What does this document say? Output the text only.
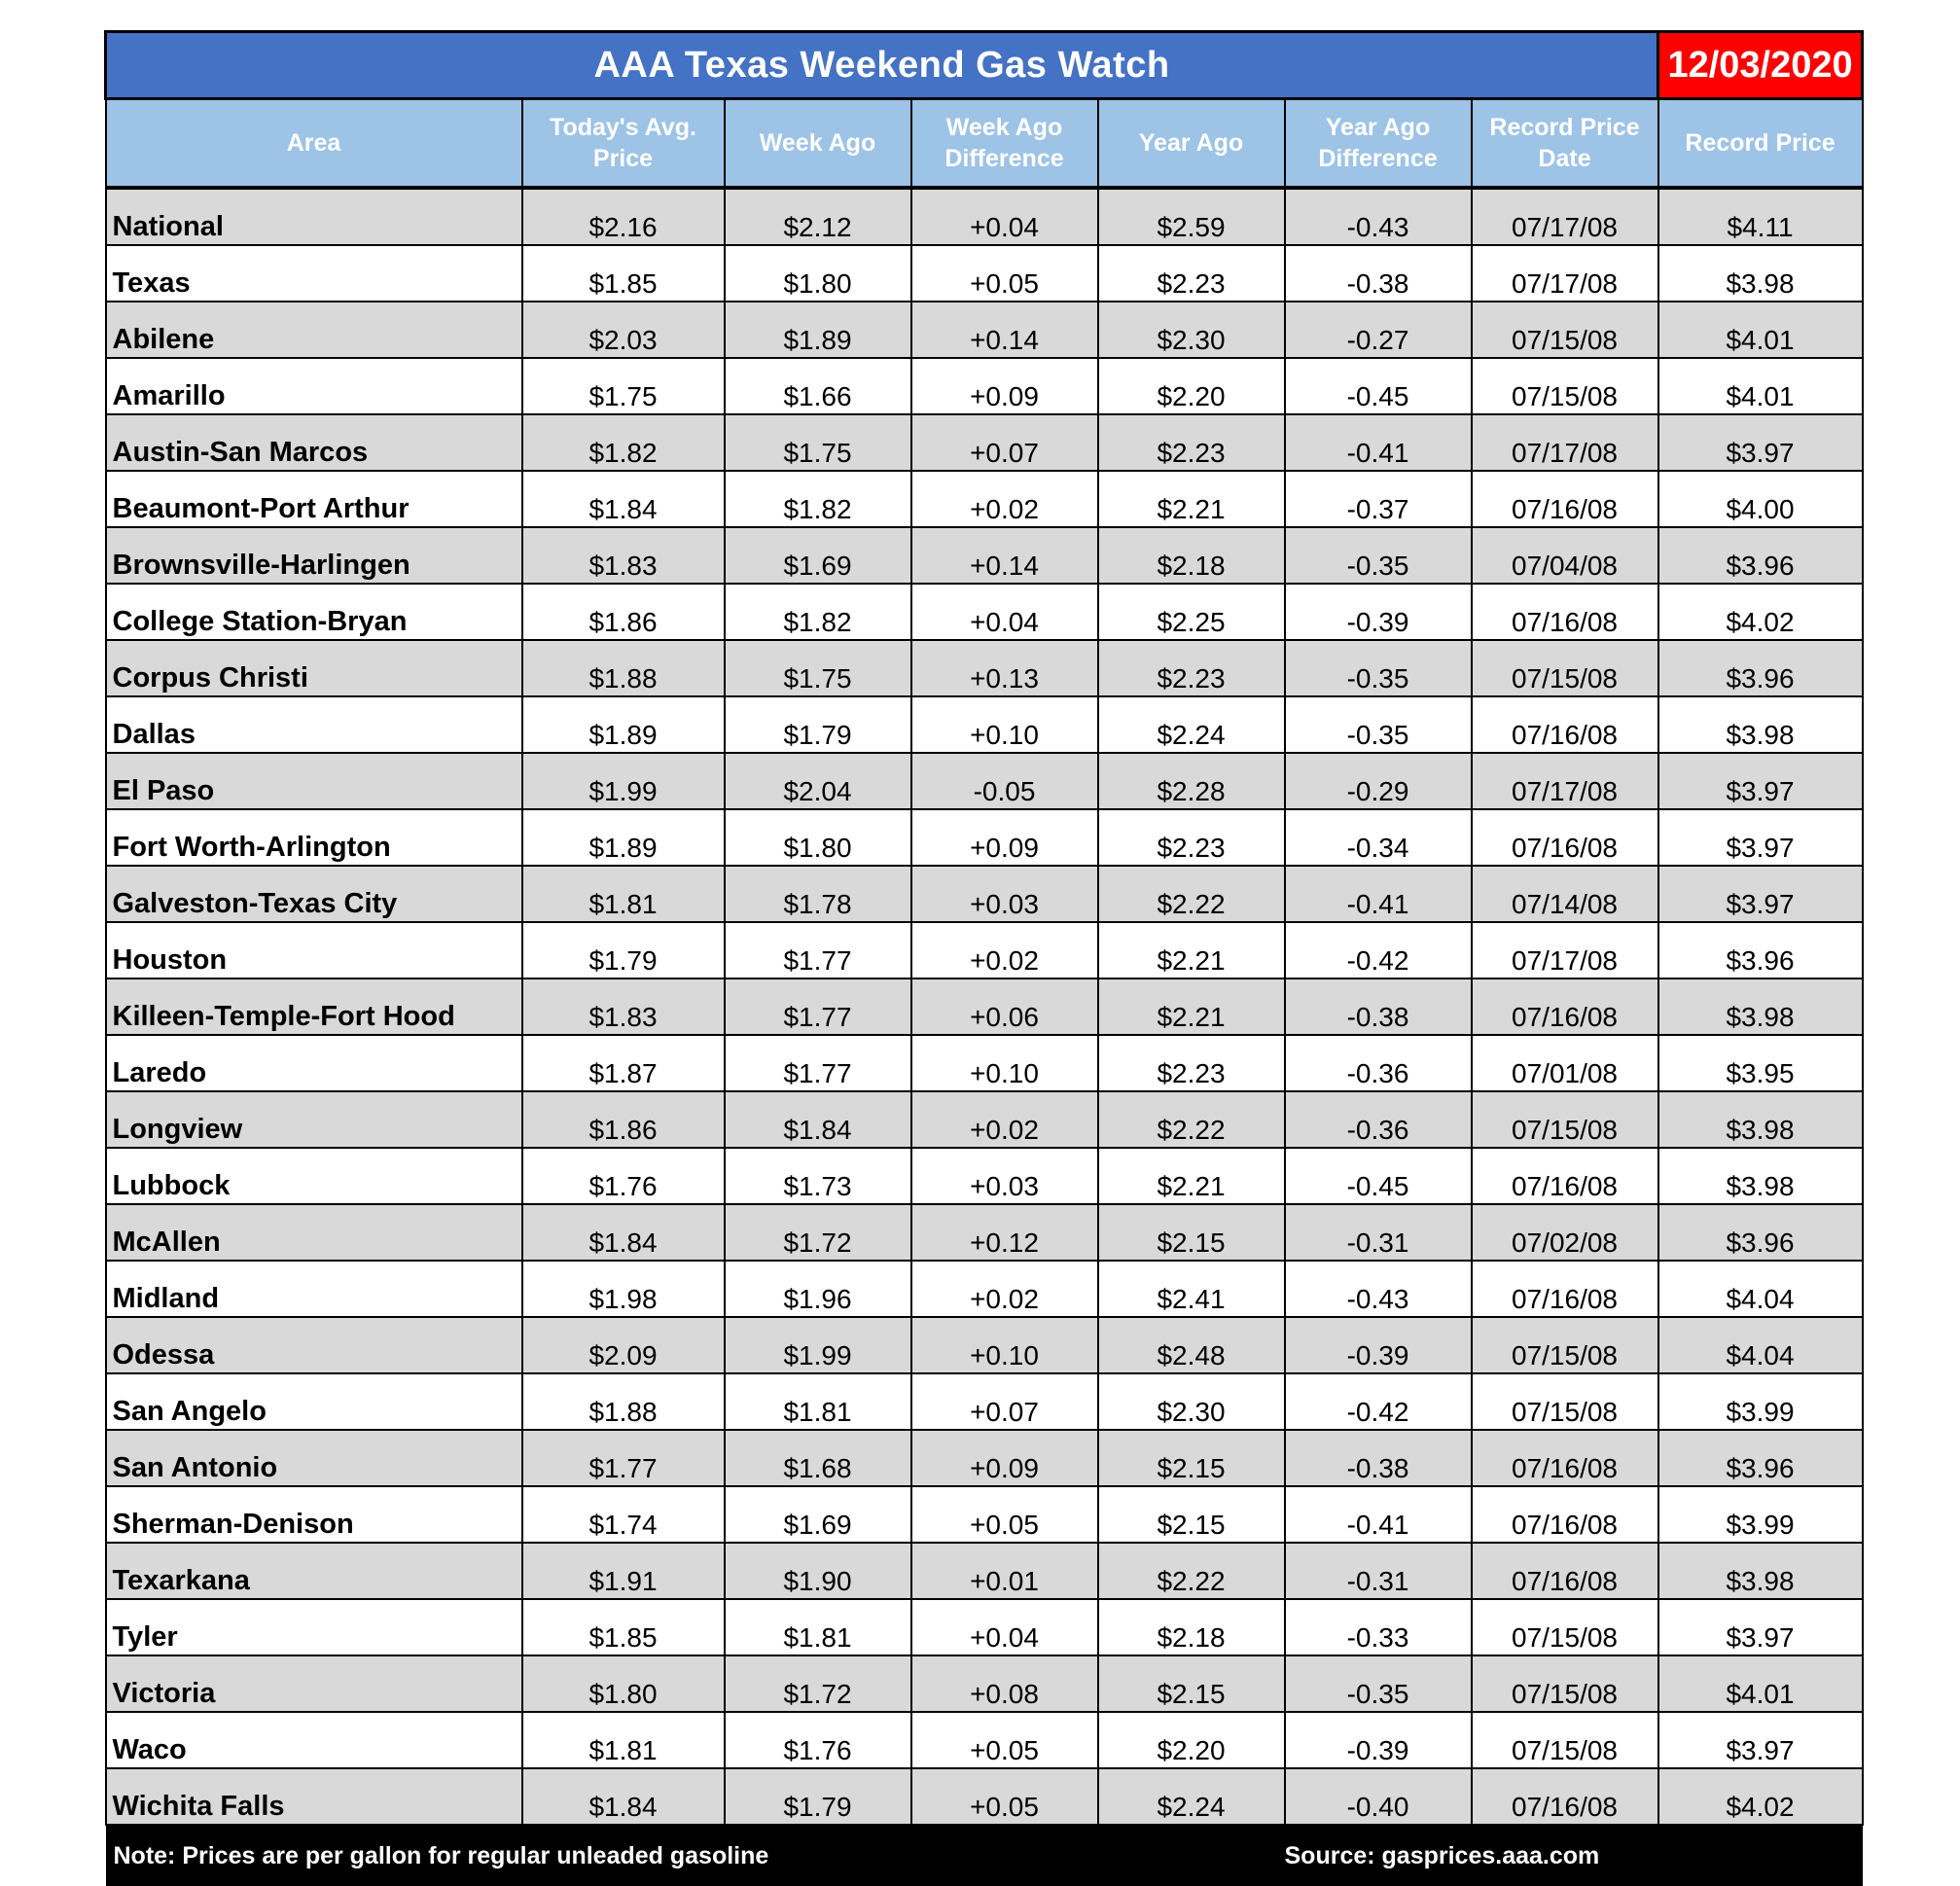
AAA Texas Weekend Gas Watch							12/03/2020
Area	Today's Avg. Price	Week Ago	Week Ago Difference	Year Ago	Year Ago Difference	Record Price Date	Record Price
National	$2.16	$2.12	+0.04	$2.59	-0.43	07/17/08	$4.11
Texas	$1.85	$1.80	+0.05	$2.23	-0.38	07/17/08	$3.98
Abilene	$2.03	$1.89	+0.14	$2.30	-0.27	07/15/08	$4.01
Amarillo	$1.75	$1.66	+0.09	$2.20	-0.45	07/15/08	$4.01
Austin-San Marcos	$1.82	$1.75	+0.07	$2.23	-0.41	07/17/08	$3.97
Beaumont-Port Arthur	$1.84	$1.82	+0.02	$2.21	-0.37	07/16/08	$4.00
Brownsville-Harlingen	$1.83	$1.69	+0.14	$2.18	-0.35	07/04/08	$3.96
College Station-Bryan	$1.86	$1.82	+0.04	$2.25	-0.39	07/16/08	$4.02
Corpus Christi	$1.88	$1.75	+0.13	$2.23	-0.35	07/15/08	$3.96
Dallas	$1.89	$1.79	+0.10	$2.24	-0.35	07/16/08	$3.98
El Paso	$1.99	$2.04	-0.05	$2.28	-0.29	07/17/08	$3.97
Fort Worth-Arlington	$1.89	$1.80	+0.09	$2.23	-0.34	07/16/08	$3.97
Galveston-Texas City	$1.81	$1.78	+0.03	$2.22	-0.41	07/14/08	$3.97
Houston	$1.79	$1.77	+0.02	$2.21	-0.42	07/17/08	$3.96
Killeen-Temple-Fort Hood	$1.83	$1.77	+0.06	$2.21	-0.38	07/16/08	$3.98
Laredo	$1.87	$1.77	+0.10	$2.23	-0.36	07/01/08	$3.95
Longview	$1.86	$1.84	+0.02	$2.22	-0.36	07/15/08	$3.98
Lubbock	$1.76	$1.73	+0.03	$2.21	-0.45	07/16/08	$3.98
McAllen	$1.84	$1.72	+0.12	$2.15	-0.31	07/02/08	$3.96
Midland	$1.98	$1.96	+0.02	$2.41	-0.43	07/16/08	$4.04
Odessa	$2.09	$1.99	+0.10	$2.48	-0.39	07/15/08	$4.04
San Angelo	$1.88	$1.81	+0.07	$2.30	-0.42	07/15/08	$3.99
San Antonio	$1.77	$1.68	+0.09	$2.15	-0.38	07/16/08	$3.96
Sherman-Denison	$1.74	$1.69	+0.05	$2.15	-0.41	07/16/08	$3.99
Texarkana	$1.91	$1.90	+0.01	$2.22	-0.31	07/16/08	$3.98
Tyler	$1.85	$1.81	+0.04	$2.18	-0.33	07/15/08	$3.97
Victoria	$1.80	$1.72	+0.08	$2.15	-0.35	07/15/08	$4.01
Waco	$1.81	$1.76	+0.05	$2.20	-0.39	07/15/08	$3.97
Wichita Falls	$1.84	$1.79	+0.05	$2.24	-0.40	07/16/08	$4.02
Note: Prices are per gallon for regular unleaded gasoline					Source: gasprices.aaa.com		
